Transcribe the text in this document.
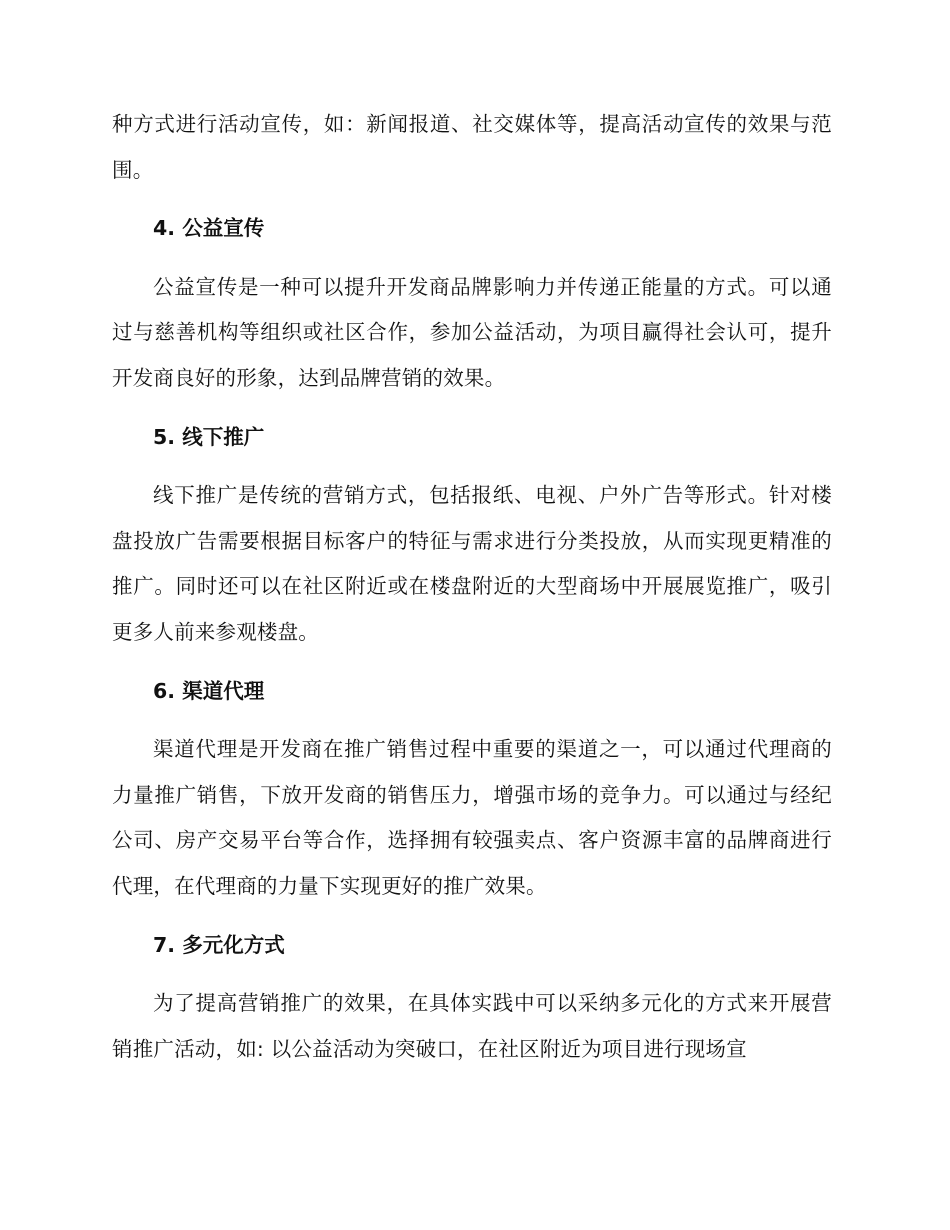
种方式进行活动宣传，如：新闻报道、社交媒体等，提高活动宣传的效果与范围。

4. 公益宣传

公益宣传是一种可以提升开发商品牌影响力并传递正能量的方式。可以通过与慈善机构等组织或社区合作，参加公益活动，为项目赢得社会认可，提升开发商良好的形象，达到品牌营销的效果。

5. 线下推广

线下推广是传统的营销方式，包括报纸、电视、户外广告等形式。针对楼盘投放广告需要根据目标客户的特征与需求进行分类投放，从而实现更精准的推广。同时还可以在社区附近或在楼盘附近的大型商场中开展展览推广，吸引更多人前来参观楼盘。

6. 渠道代理

渠道代理是开发商在推广销售过程中重要的渠道之一，可以通过代理商的力量推广销售，下放开发商的销售压力，增强市场的竞争力。可以通过与经纪公司、房产交易平台等合作，选择拥有较强卖点、客户资源丰富的品牌商进行代理，在代理商的力量下实现更好的推广效果。

7. 多元化方式

为了提高营销推广的效果，在具体实践中可以采纳多元化的方式来开展营销推广活动，如: 以公益活动为突破口，在社区附近为项目进行现场宣
